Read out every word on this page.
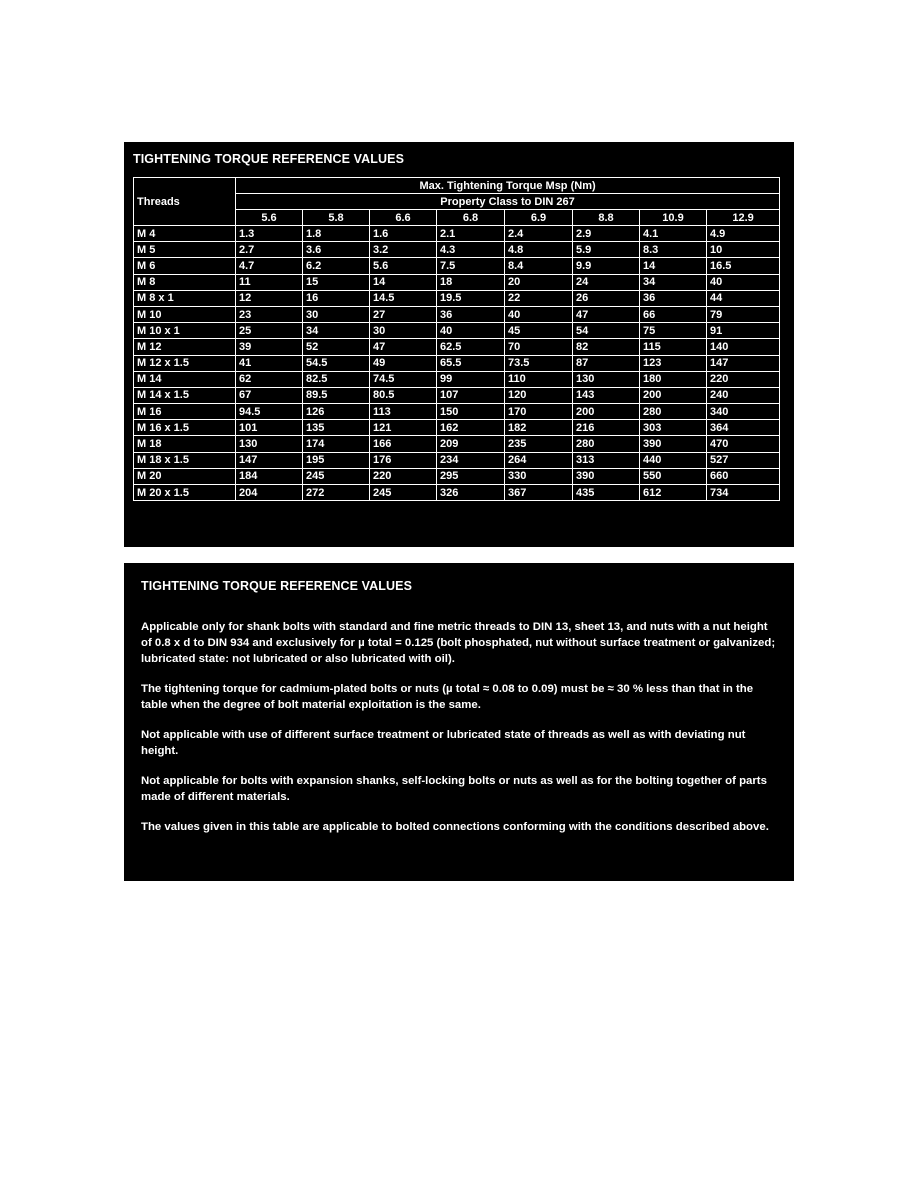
TIGHTENING TORQUE REFERENCE VALUES
Threads	Max. Tightening Torque Msp (Nm)							
	Property Class to DIN 267							
	5.6	5.8	6.6	6.8	6.9	8.8	10.9	12.9
M 4	1.3	1.8	1.6	2.1	2.4	2.9	4.1	4.9
M 5	2.7	3.6	3.2	4.3	4.8	5.9	8.3	10
M 6	4.7	6.2	5.6	7.5	8.4	9.9	14	16.5
M 8	11	15	14	18	20	24	34	40
M 8 x 1	12	16	14.5	19.5	22	26	36	44
M 10	23	30	27	36	40	47	66	79
M 10 x 1	25	34	30	40	45	54	75	91
M 12	39	52	47	62.5	70	82	115	140
M 12 x 1.5	41	54.5	49	65.5	73.5	87	123	147
M 14	62	82.5	74.5	99	110	130	180	220
M 14 x 1.5	67	89.5	80.5	107	120	143	200	240
M 16	94.5	126	113	150	170	200	280	340
M 16 x 1.5	101	135	121	162	182	216	303	364
M 18	130	174	166	209	235	280	390	470
M 18 x 1.5	147	195	176	234	264	313	440	527
M 20	184	245	220	295	330	390	550	660
M 20 x 1.5	204	272	245	326	367	435	612	734
TIGHTENING TORQUE REFERENCE VALUES

Applicable only for shank bolts with standard and fine metric threads to DIN 13, sheet 13, and nuts with a nut height of 0.8 x d to DIN 934 and exclusively for µ total = 0.125 (bolt phosphated, nut without surface treatment or galvanized; lubricated state: not lubricated or also lubricated with oil).

The tightening torque for cadmium-plated bolts or nuts (µ total ≈ 0.08 to 0.09) must be ≈ 30 % less than that in the table when the degree of bolt material exploitation is the same.

Not applicable with use of different surface treatment or lubricated state of threads as well as with deviating nut height.

Not applicable for bolts with expansion shanks, self-locking bolts or nuts as well as for the bolting together of parts made of different materials.

The values given in this table are applicable to bolted connections conforming with the conditions described above.
